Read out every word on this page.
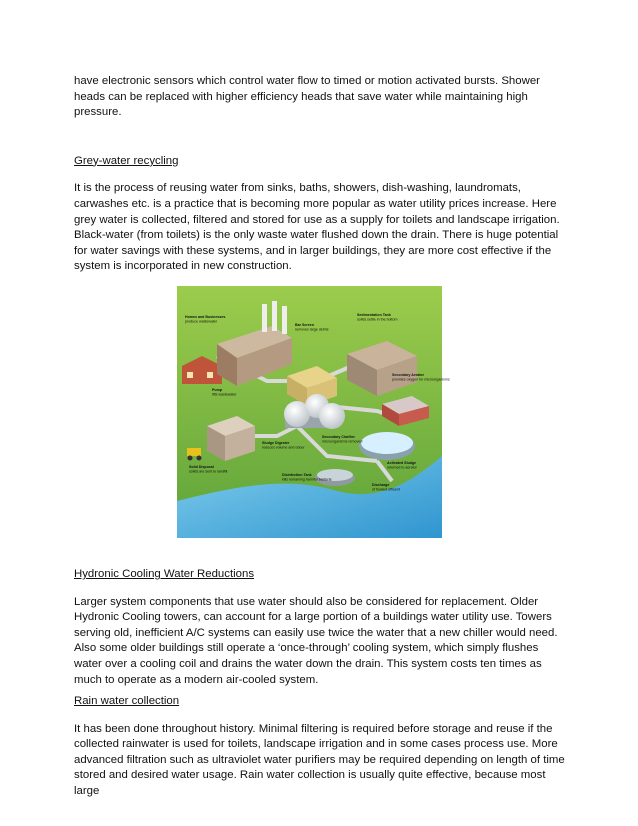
have electronic sensors which control water flow to timed or motion activated bursts. Shower heads can be replaced with higher efficiency heads that save water while maintaining high pressure.

Grey-water recycling

It is the process of reusing water from sinks, baths, showers, dish-washing, laundromats, carwashes etc. is a practice that is becoming more popular as water utility prices increase. Here grey water is collected, filtered and stored for use as a supply for toilets and landscape irrigation. Black-water (from toilets) is the only waste water flushed down the drain. There is huge potential for water savings with these systems, and in larger buildings, they are more cost effective if the system is incorporated in new construction.

Homes and Businesses
produce wastewater
Bar Screen
removes large debris
Sedimentation Tank
solids settle in the bottom
Pump
lifts wastewater
Secondary Aerator
provides oxygen for microorganisms
Sludge Digester
reduces volume and odour
Secondary Clarifier
microorganisms removed
Solid Disposal
solids are sent to landfill
Activated Sludge
returned to aerator
Disinfection Tank
kills remaining harmful bacteria
Discharge
of treated effluent

Hydronic Cooling Water Reductions

Larger system components that use water should also be considered for replacement. Older Hydronic Cooling towers, can account for a large portion of a buildings water utility use. Towers serving old, inefficient A/C systems can easily use twice the water that a new chiller would need. Also some older buildings still operate a ‘once-through’ cooling system, which simply flushes water over a cooling coil and drains the water down the drain. This system costs ten times as much to operate as a modern air-cooled system.

Rain water collection

It has been done throughout history. Minimal filtering is required before storage and reuse if the collected rainwater is used for toilets, landscape irrigation and in some cases process use. More advanced filtration such as ultraviolet water purifiers may be required depending on length of time stored and desired water usage. Rain water collection is usually quite effective, because most large
